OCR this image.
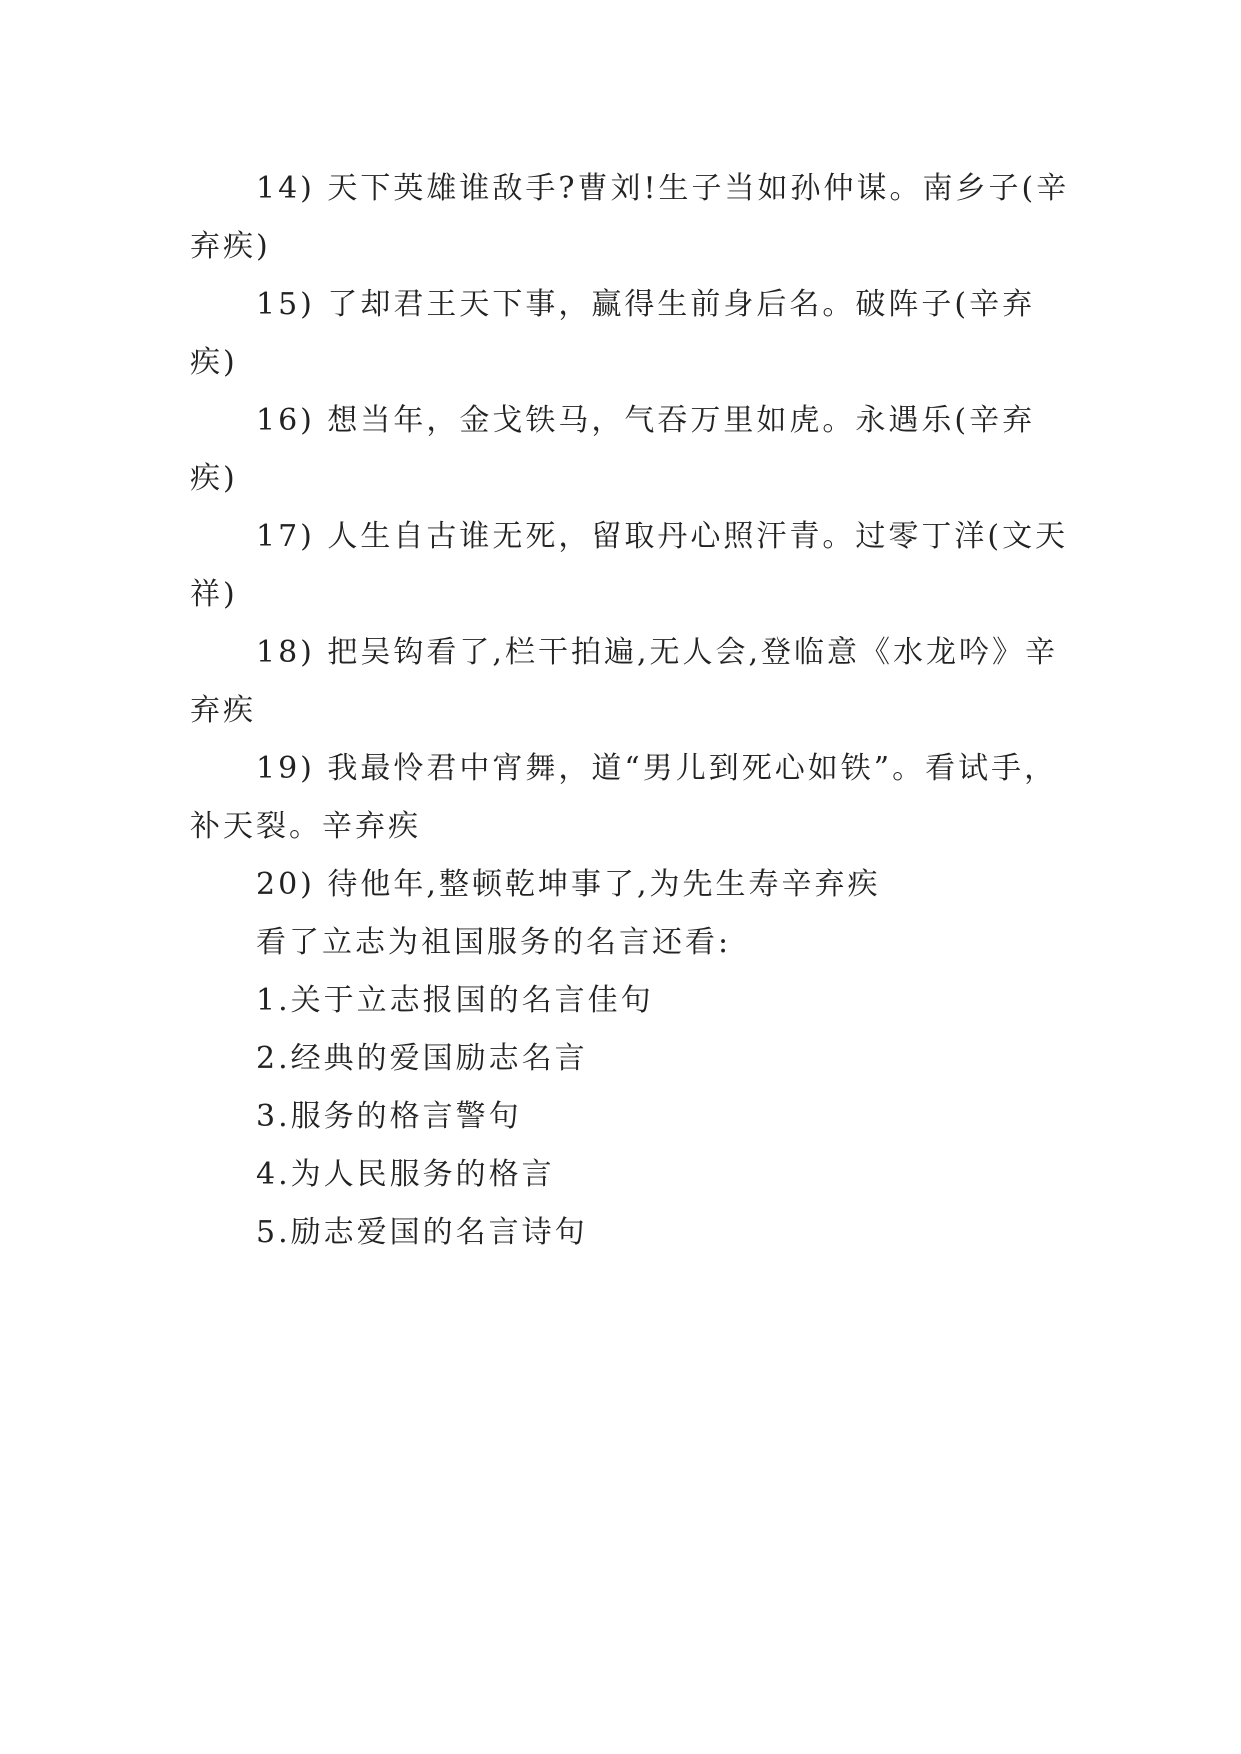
14) 天下英雄谁敌手?曹刘!生子当如孙仲谋。南乡子(辛弃疾)

15) 了却君王天下事，赢得生前身后名。破阵子(辛弃疾)

16) 想当年，金戈铁马，气吞万里如虎。永遇乐(辛弃疾)

17) 人生自古谁无死，留取丹心照汗青。过零丁洋(文天祥)

18) 把吴钩看了,栏干拍遍,无人会,登临意《水龙吟》辛弃疾

19) 我最怜君中宵舞，道“男儿到死心如铁”。看试手，补天裂。辛弃疾

20) 待他年,整顿乾坤事了,为先生寿辛弃疾

看了立志为祖国服务的名言还看:

1.关于立志报国的名言佳句

2.经典的爱国励志名言

3.服务的格言警句

4.为人民服务的格言

5.励志爱国的名言诗句
